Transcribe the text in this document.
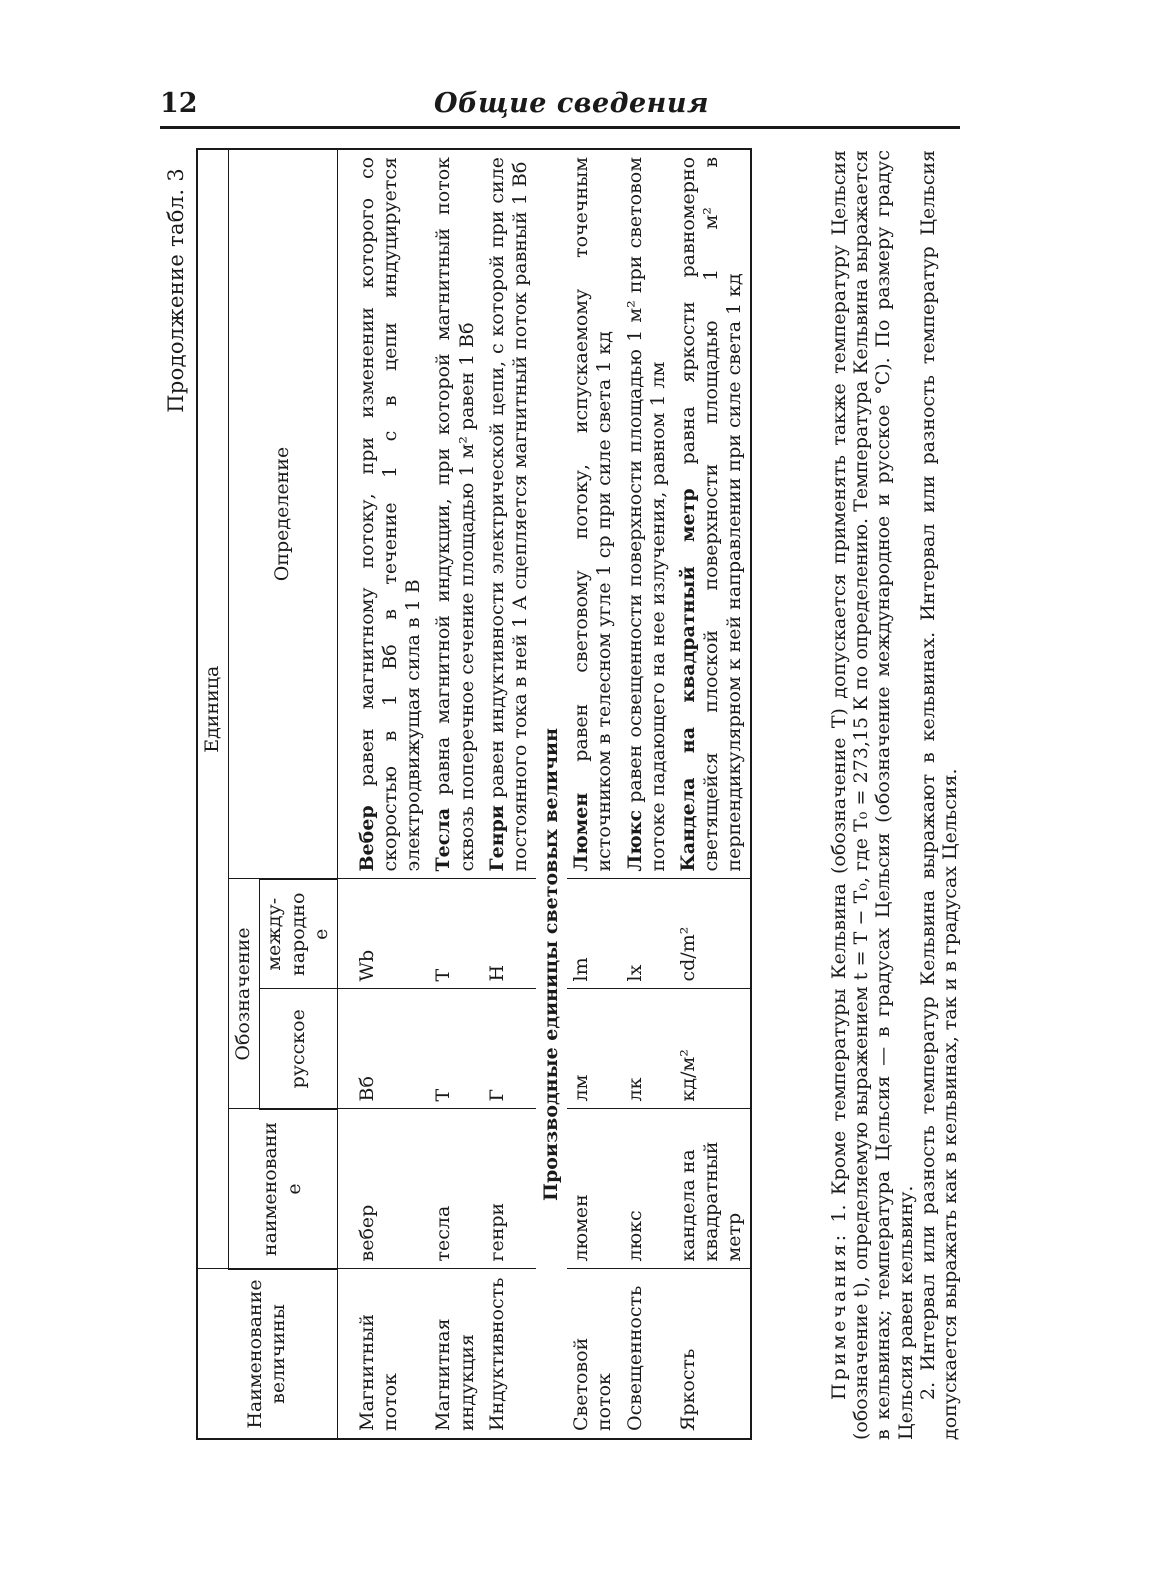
12	Общие сведения
Продолжение табл. 3
Наименование величины	Единица			
	наименование	Обозначение		Определение
		русское	между-народное	
Магнитный поток	вебер	Вб	Wb	Вебер равен магнитному потоку, при изменении которого со скоростью в 1 Вб в течение 1 с в цепи индуцируется электродвижущая сила в 1 В
Магнитная индукция	тесла	Т	T	Тесла равна магнитной индукции, при которой магнитный поток сквозь поперечное сечение площадью 1 м² равен 1 Вб
Индуктивность	генри	Г	H	Генри равен индуктивности электрической цепи, с которой при силе постоянного тока в ней 1 А сцепляется магнитный поток равный 1 Вб
Производные единицы световых величин				
Световой поток	люмен	лм	lm	Люмен равен световому потоку, испускаемому точечным источником в телесном угле 1 ср при силе света 1 кд
Освещенность	люкс	лк	lx	Люкс равен освещенности поверхности площадью 1 м² при световом потоке падающего на нее излучения, равном 1 лм
Яркость	кандела на квадратный метр	кд/м²	cd/m²	Кандела на квадратный метр равна яркости равномерно светящейся плоской поверхности площадью 1 м² в перпендикулярном к ней направлении при силе света 1 кд

Примечания: 1. Кроме температуры Кельвина (обозначение T) допускается применять также температуру Цельсия (обозначение t), определяемую выражением t = T − T₀, где T₀ = 273,15 К по определению. Температура Кельвина выражается в кельвинах; температура Цельсия — в градусах Цельсия (обозначение международное и русское °C). По размеру градус Цельсия равен кельвину. 2. Интервал или разность температур Кельвина выражают в кельвинах. Интервал или разность температур Цельсия допускается выражать как в кельвинах, так и в градусах Цельсия.
